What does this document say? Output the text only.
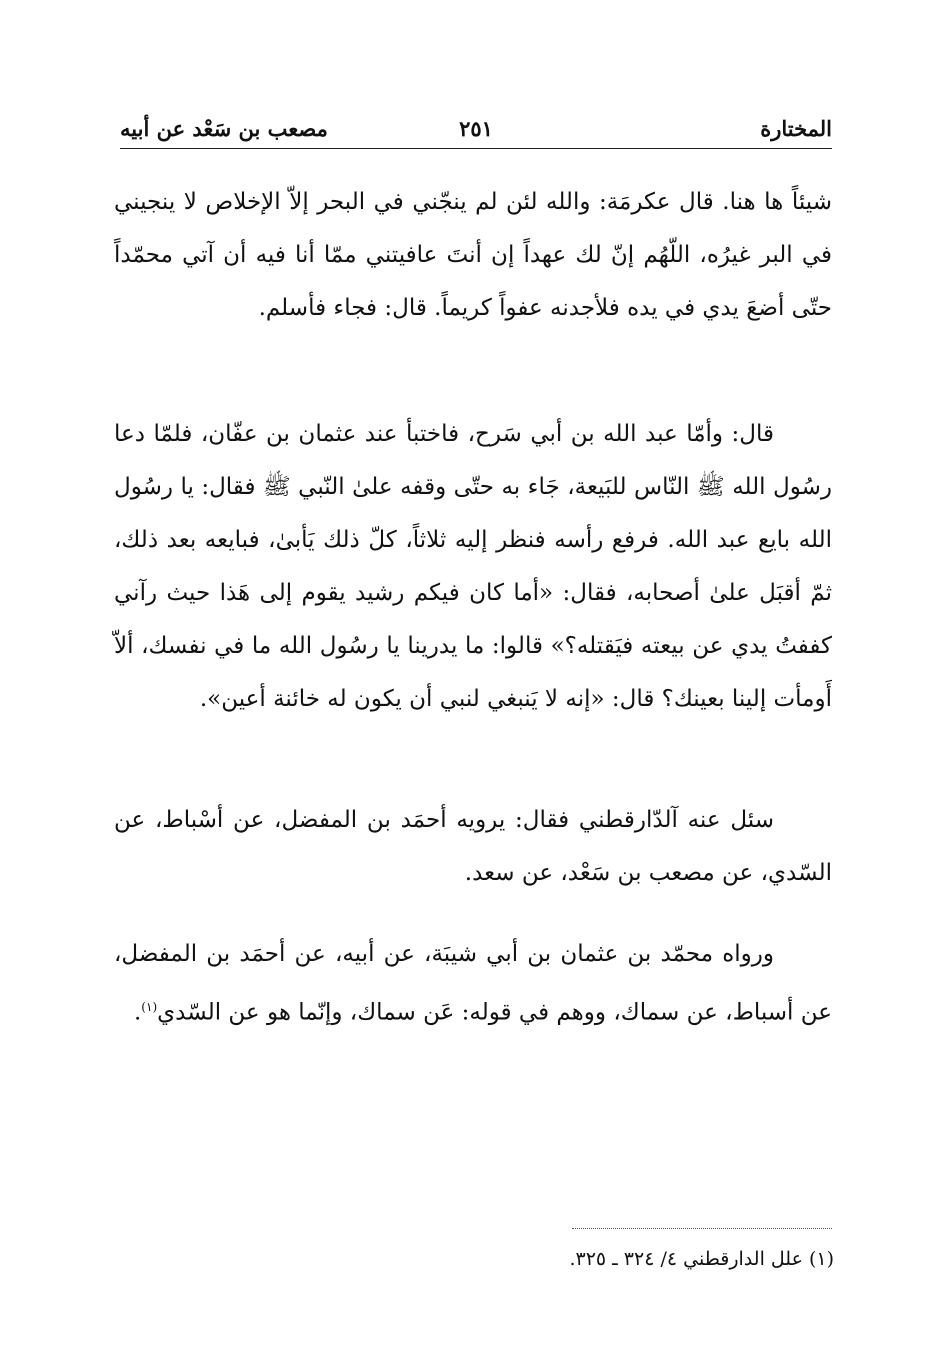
المختارة
٢٥١
مصعب بن سَعْد عن أبيه

شيئاً ها هنا. قال عكرمَة: والله لئن لم ينجّني في البحر إلاّ الإخلاص لا ينجيني في البر غيرُه، اللّهُم إنّ لك عهداً إن أنتَ عافيتني ممّا أنا فيه أن آتي محمّداً حتّى أضعَ يدي في يده فلأجدنه عفواً كريماً. قال: فجاء فأسلم.

قال: وأمّا عبد الله بن أبي سَرح، فاختبأ عند عثمان بن عفّان، فلمّا دعا رسُول الله ﷺ النّاس للبَيعة، جَاء به حتّى وقفه علىٰ النّبي ﷺ فقال: يا رسُول الله بايع عبد الله. فرفع رأسه فنظر إليه ثلاثاً، كلّ ذلك يَأبىٰ، فبايعه بعد ذلك، ثمّ أقبَل علىٰ أصحابه، فقال: «أما كان فيكم رشيد يقوم إلى هَذا حيث رآني كففتُ يدي عن بيعته فيَقتله؟» قالوا: ما يدرينا يا رسُول الله ما في نفسك، ألاّ أَومأت إلينا بعينك؟ قال: «إنه لا يَنبغي لنبي أن يكون له خائنة أعين».

سئل عنه آلدّارقطني فقال: يرويه أحمَد بن المفضل، عن أسْباط، عن السّدي، عن مصعب بن سَعْد، عن سعد.

ورواه محمّد بن عثمان بن أبي شيبَة، عن أبيه، عن أحمَد بن المفضل، عن أسباط، عن سماك، ووهم في قوله: عَن سماك، وإنّما هو عن السّدي$^{(١)}$.

(١) علل الدارقطني ٤/ ٣٢٤ ـ ٣٢٥.
